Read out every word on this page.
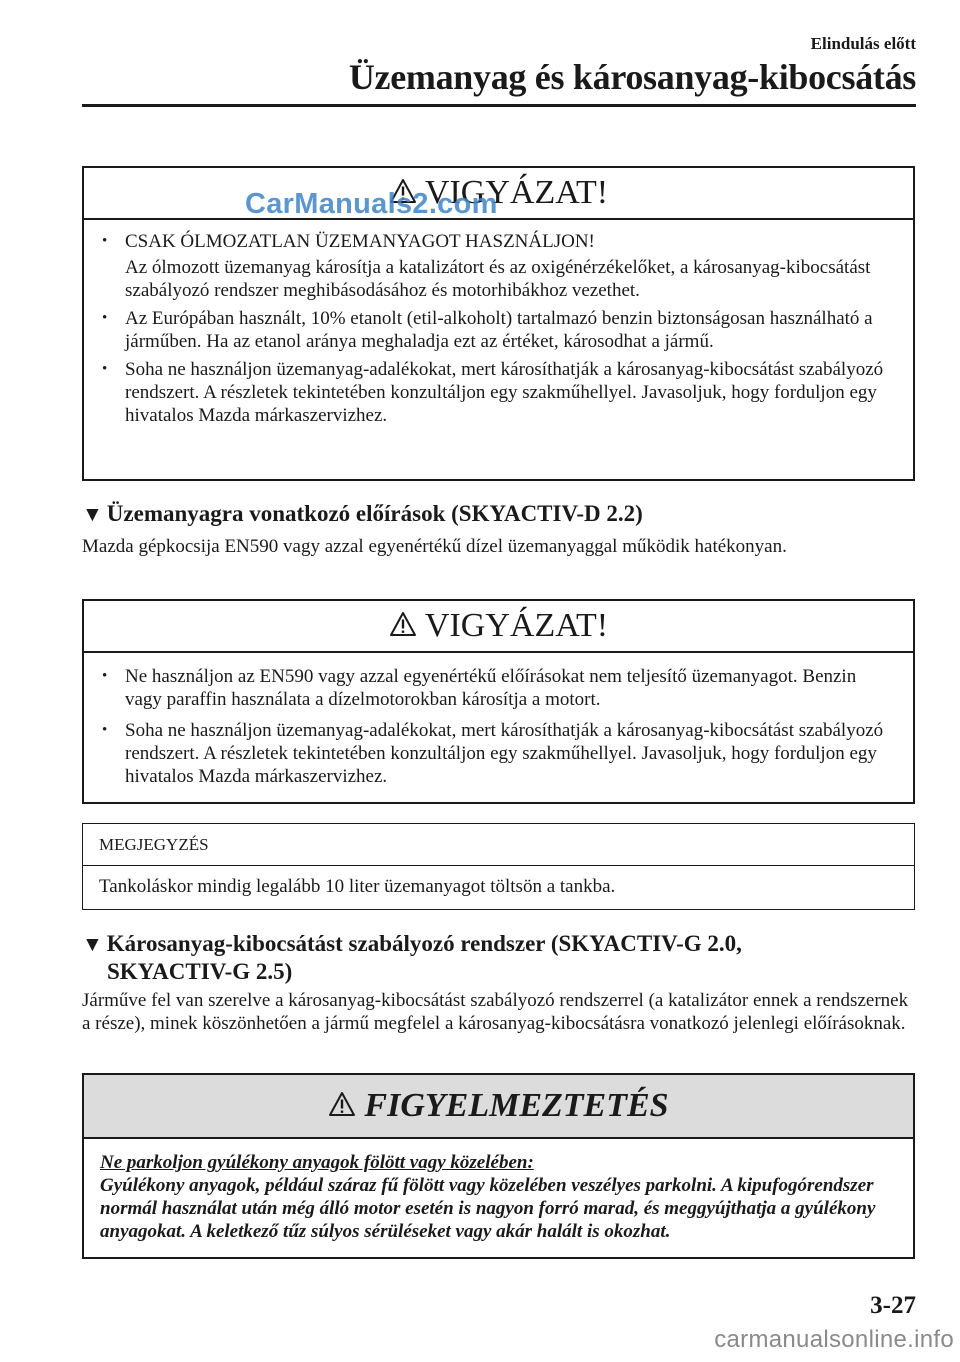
Elindulás előtt
Üzemanyag és károsanyag-kibocsátás
VIGYÁZAT!
• CSAK ÓLMOZATLAN ÜZEMANYAGOT HASZNÁLJON!
Az ólmozott üzemanyag károsítja a katalizátort és az oxigénérzékelőket, a károsanyag-kibocsátást szabályozó rendszer meghibásodásához és motorhibákhoz vezethet.
• Az Európában használt, 10% etanolt (etil-alkoholt) tartalmazó benzin biztonságosan használható a járműben. Ha az etanol aránya meghaladja ezt az értéket, károsodhat a jármű.
• Soha ne használjon üzemanyag-adalékokat, mert károsíthatják a károsanyag-kibocsátást szabályozó rendszert. A részletek tekintetében konzultáljon egy szakműhellyel. Javasoljuk, hogy forduljon egy hivatalos Mazda márkaszervizhez.
CarManuals2.com
▼ Üzemanyagra vonatkozó előírások (SKYACTIV-D 2.2)
Mazda gépkocsija EN590 vagy azzal egyenértékű dízel üzemanyaggal működik hatékonyan.
VIGYÁZAT!
• Ne használjon az EN590 vagy azzal egyenértékű előírásokat nem teljesítő üzemanyagot. Benzin vagy paraffin használata a dízelmotorokban károsítja a motort.
• Soha ne használjon üzemanyag-adalékokat, mert károsíthatják a károsanyag-kibocsátást szabályozó rendszert. A részletek tekintetében konzultáljon egy szakműhellyel. Javasoljuk, hogy forduljon egy hivatalos Mazda márkaszervizhez.
MEGJEGYZÉS
Tankoláskor mindig legalább 10 liter üzemanyagot töltsön a tankba.
▼ Károsanyag-kibocsátást szabályozó rendszer (SKYACTIV-G 2.0,
SKYACTIV-G 2.5)
Járműve fel van szerelve a károsanyag-kibocsátást szabályozó rendszerrel (a katalizátor ennek a rendszernek a része), minek köszönhetően a jármű megfelel a károsanyag-kibocsátásra vonatkozó jelenlegi előírásoknak.
FIGYELMEZTETÉS
Ne parkoljon gyúlékony anyagok fölött vagy közelében:
Gyúlékony anyagok, például száraz fű fölött vagy közelében veszélyes parkolni. A kipufogórendszer normál használat után még álló motor esetén is nagyon forró marad, és meggyújthatja a gyúlékony anyagokat. A keletkező tűz súlyos sérüléseket vagy akár halált is okozhat.
3-27
carmanualsonline.info
